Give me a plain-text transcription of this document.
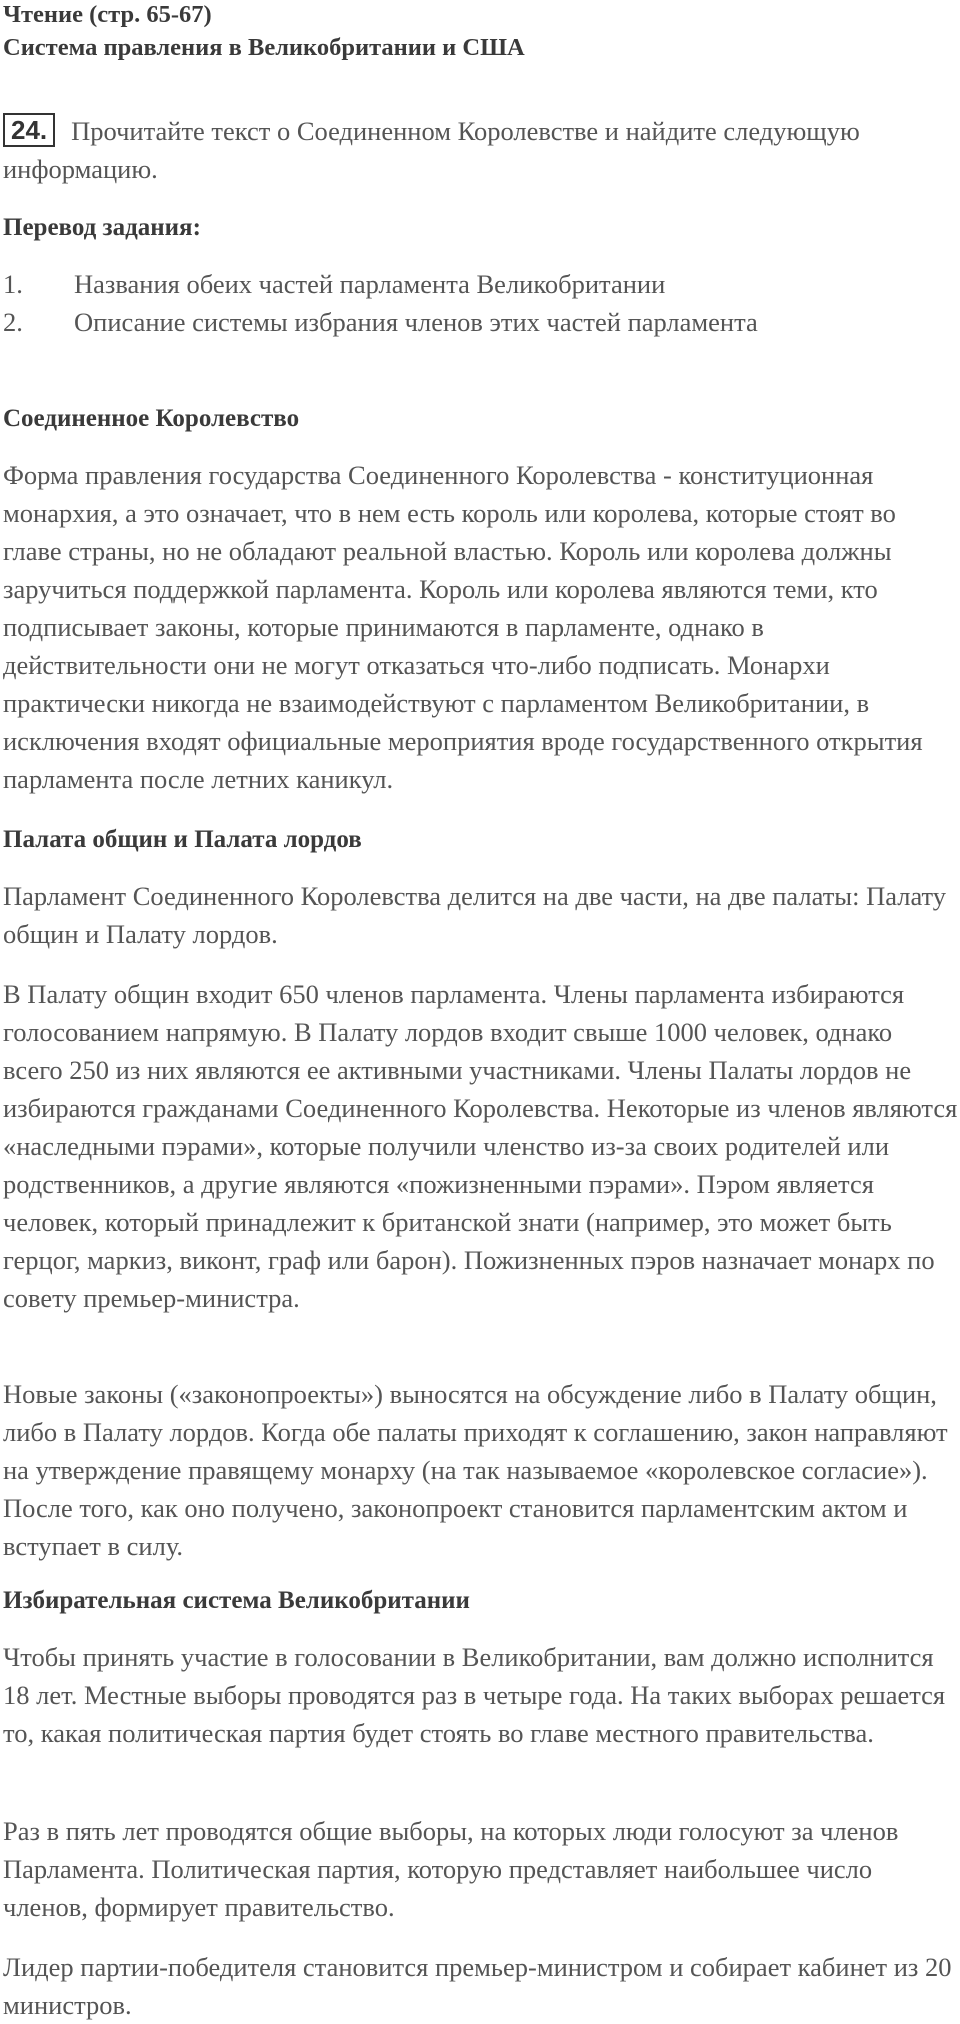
Чтение (стр. 65-67)
Система правления в Великобритании и США
24. Прочитайте текст о Соединенном Королевстве и найдите следующую информацию.
Перевод задания:
1.	Названия обеих частей парламента Великобритании
2.	Описание системы избрания членов этих частей парламента
Соединенное Королевство

Форма правления государства Соединенного Королевства - конституционная монархия, а это означает, что в нем есть король или королева, которые стоят во главе страны, но не обладают реальной властью. Король или королева должны заручиться поддержкой парламента. Король или королева являются теми, кто подписывает законы, которые принимаются в парламенте, однако в действительности они не могут отказаться что-либо подписать. Монархи практически никогда не взаимодействуют с парламентом Великобритании, в исключения входят официальные мероприятия вроде государственного открытия парламента после летних каникул.

Палата общин и Палата лордов

Парламент Соединенного Королевства делится на две части, на две палаты: Палату общин и Палату лордов.

В Палату общин входит 650 членов парламента. Члены парламента избираются голосованием напрямую. В Палату лордов входит свыше 1000 человек, однако всего 250 из них являются ее активными участниками. Члены Палаты лордов не избираются гражданами Соединенного Королевства. Некоторые из членов являются «наследными пэрами», которые получили членство из-за своих родителей или родственников, а другие являются «пожизненными пэрами». Пэром является человек, который принадлежит к британской знати (например, это может быть герцог, маркиз, виконт, граф или барон). Пожизненных пэров назначает монарх по совету премьер-министра.

Новые законы («законопроекты») выносятся на обсуждение либо в Палату общин, либо в Палату лордов. Когда обе палаты приходят к соглашению, закон направляют на утверждение правящему монарху (на так называемое «королевское согласие»). После того, как оно получено, законопроект становится парламентским актом и вступает в силу.

Избирательная система Великобритании

Чтобы принять участие в голосовании в Великобритании, вам должно исполнится 18 лет. Местные выборы проводятся раз в четыре года. На таких выборах решается то, какая политическая партия будет стоять во главе местного правительства.

Раз в пять лет проводятся общие выборы, на которых люди голосуют за членов Парламента. Политическая партия, которую представляет наибольшее число членов, формирует правительство.

Лидер партии-победителя становится премьер-министром и собирает кабинет из 20 министров.
